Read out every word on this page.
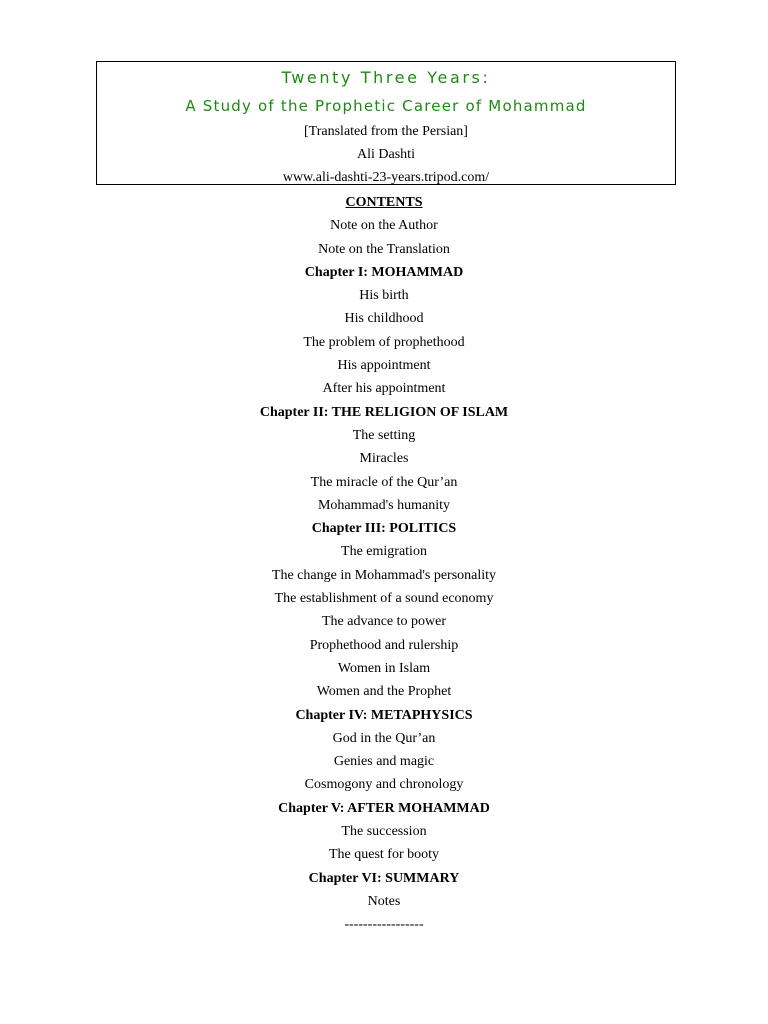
Twenty Three Years:
A Study of the Prophetic Career of Mohammad
[Translated from the Persian]
Ali Dashti
www.ali-dashti-23-years.tripod.com/
CONTENTS
Note on the Author
Note on the Translation
Chapter I: MOHAMMAD
His birth
His childhood
The problem of prophethood
His appointment
After his appointment
Chapter II: THE RELIGION OF ISLAM
The setting
Miracles
The miracle of the Qur’an
Mohammad's humanity
Chapter III: POLITICS
The emigration
The change in Mohammad's personality
The establishment of a sound economy
The advance to power
Prophethood and rulership
Women in Islam
Women and the Prophet
Chapter IV: METAPHYSICS
God in the Qur’an
Genies and magic
Cosmogony and chronology
Chapter V: AFTER MOHAMMAD
The succession
The quest for booty
Chapter VI: SUMMARY
Notes
-----------------
